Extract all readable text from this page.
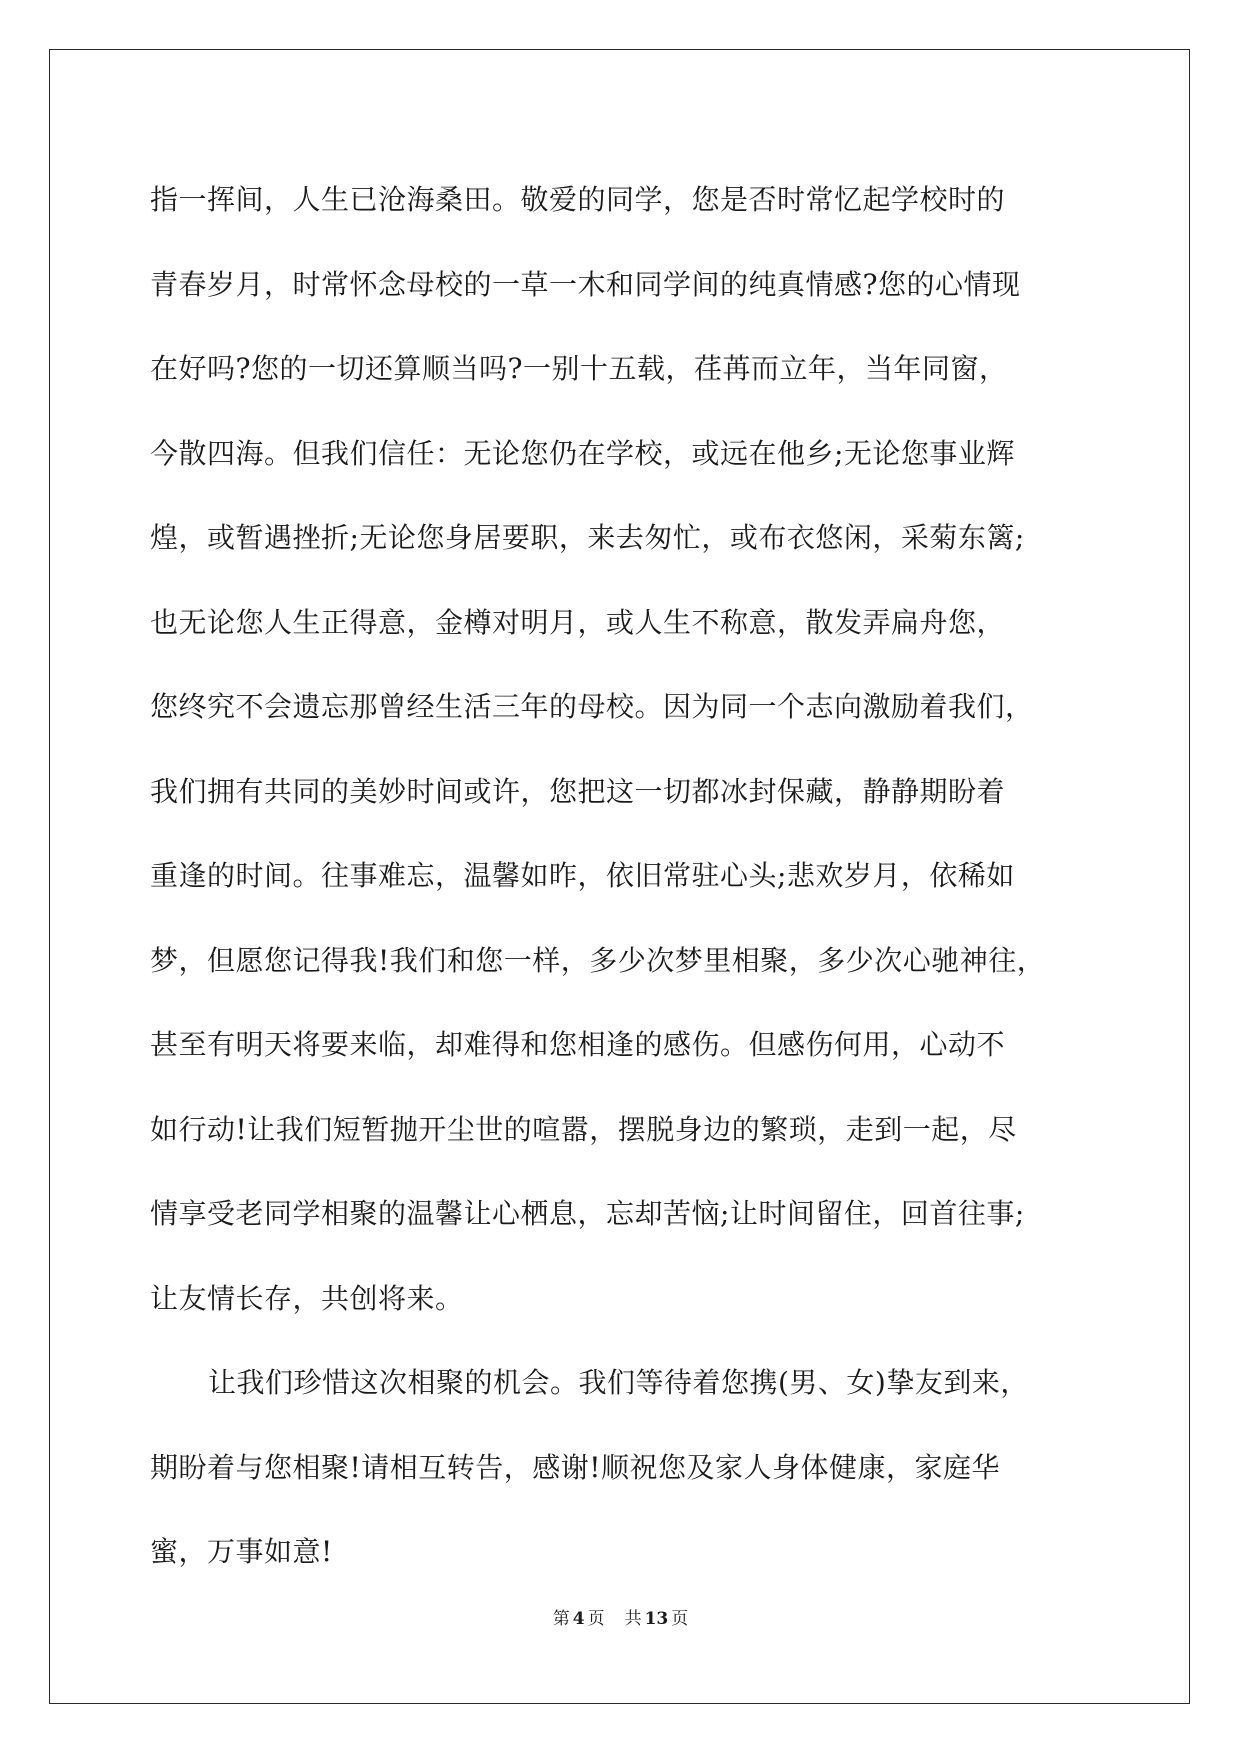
指一挥间，人生已沧海桑田。敬爱的同学，您是否时常忆起学校时的
青春岁月，时常怀念母校的一草一木和同学间的纯真情感?您的心情现
在好吗?您的一切还算顺当吗?一别十五载，荏苒而立年，当年同窗，
今散四海。但我们信任：无论您仍在学校，或远在他乡;无论您事业辉
煌，或暂遇挫折;无论您身居要职，来去匆忙，或布衣悠闲，采菊东篱;
也无论您人生正得意，金樽对明月，或人生不称意，散发弄扁舟您，
您终究不会遗忘那曾经生活三年的母校。因为同一个志向激励着我们，
我们拥有共同的美妙时间或许，您把这一切都冰封保藏，静静期盼着
重逢的时间。往事难忘，温馨如昨，依旧常驻心头;悲欢岁月，依稀如
梦，但愿您记得我!我们和您一样，多少次梦里相聚，多少次心驰神往，
甚至有明天将要来临，却难得和您相逢的感伤。但感伤何用，心动不
如行动!让我们短暂抛开尘世的喧嚣，摆脱身边的繁琐，走到一起，尽
情享受老同学相聚的温馨让心栖息，忘却苦恼;让时间留住，回首往事;
让友情长存，共创将来。
让我们珍惜这次相聚的机会。我们等待着您携(男、女)挚友到来，
期盼着与您相聚!请相互转告，感谢!顺祝您及家人身体健康，家庭华
蜜，万事如意!
第 4 页 共 13 页
